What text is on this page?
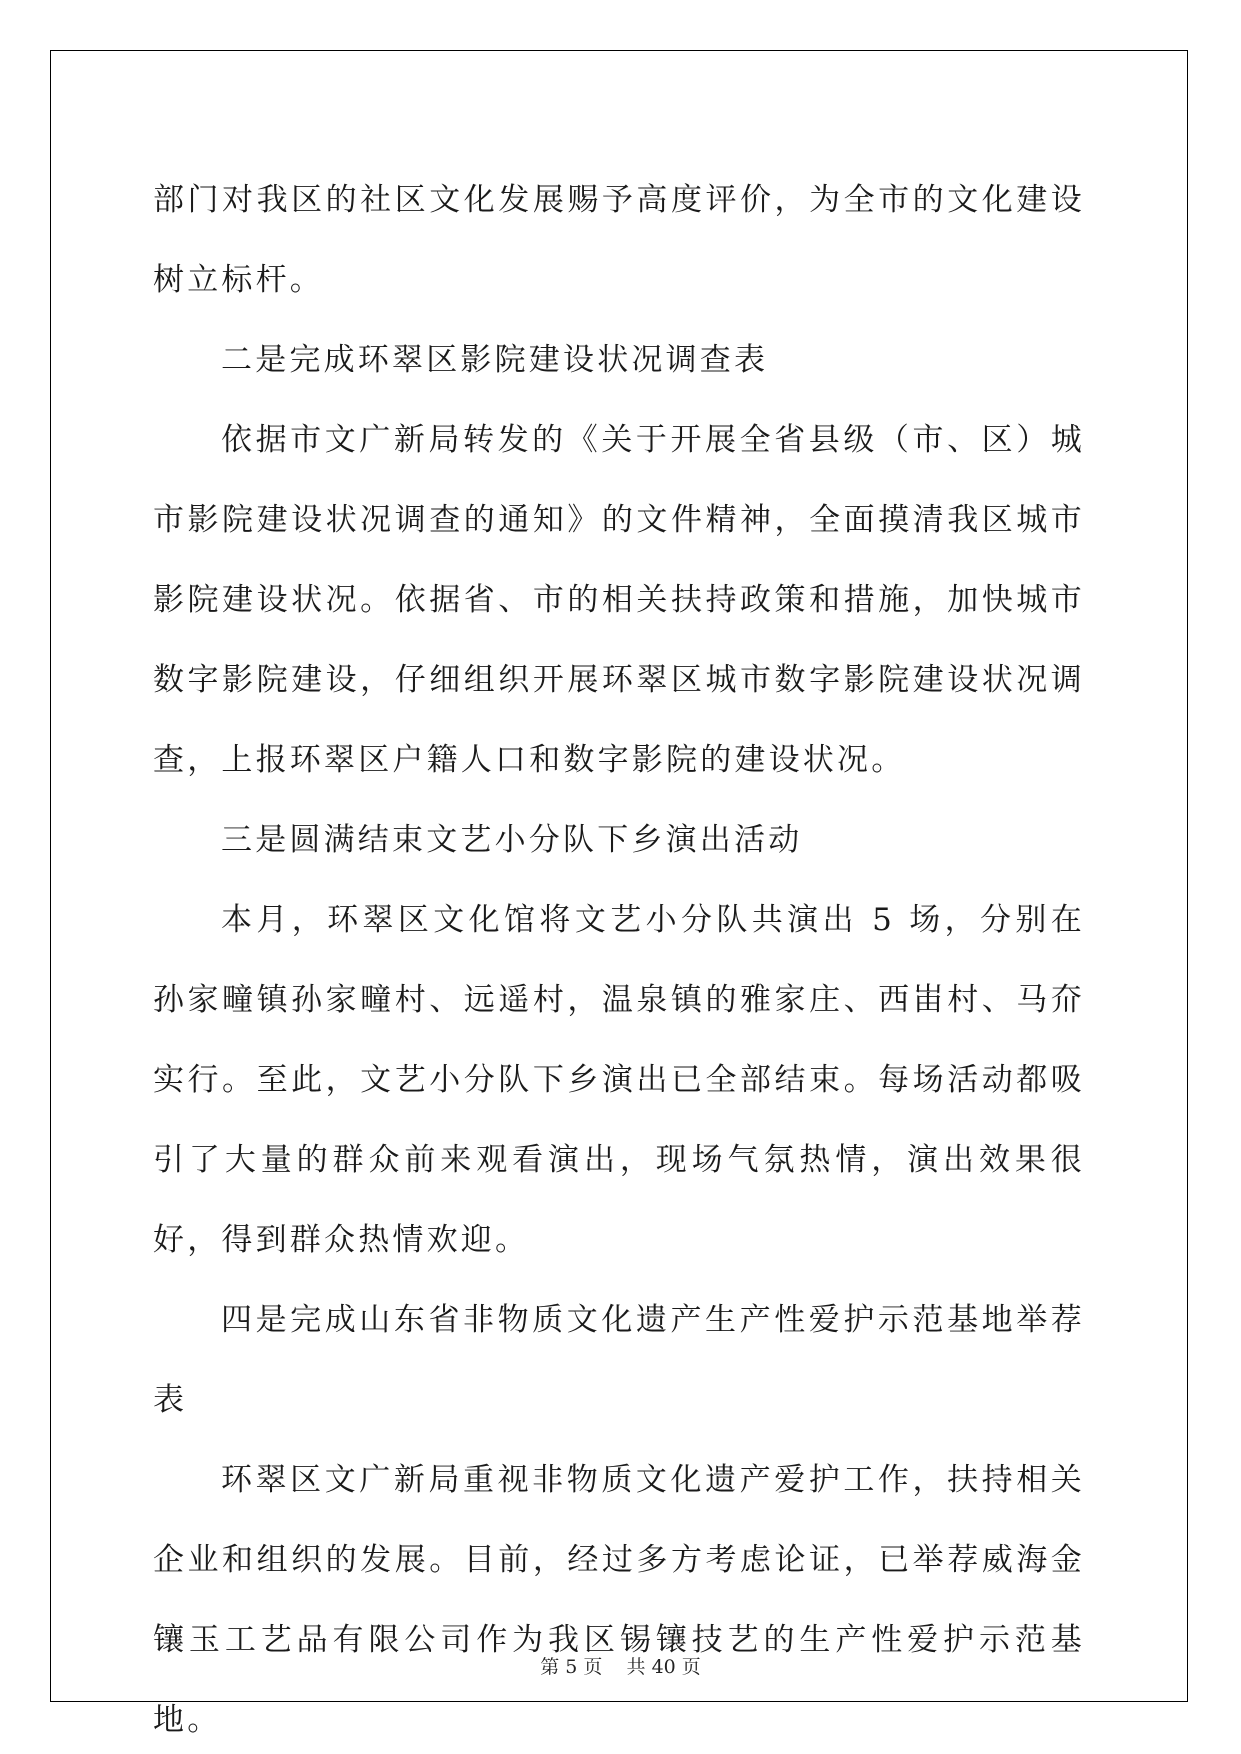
部门对我区的社区文化发展赐予高度评价，为全市的文化建设树立标杆。

二是完成环翠区影院建设状况调查表

依据市文广新局转发的《关于开展全省县级（市、区）城市影院建设状况调查的通知》的文件精神，全面摸清我区城市影院建设状况。依据省、市的相关扶持政策和措施，加快城市数字影院建设，仔细组织开展环翠区城市数字影院建设状况调查，上报环翠区户籍人口和数字影院的建设状况。

三是圆满结束文艺小分队下乡演出活动

本月，环翠区文化馆将文艺小分队共演出 5 场，分别在孙家疃镇孙家疃村、远遥村，温泉镇的雅家庄、西峀村、马夼实行。至此，文艺小分队下乡演出已全部结束。每场活动都吸引了大量的群众前来观看演出，现场气氛热情，演出效果很好，得到群众热情欢迎。

四是完成山东省非物质文化遗产生产性爱护示范基地举荐表

环翠区文广新局重视非物质文化遗产爱护工作，扶持相关企业和组织的发展。目前，经过多方考虑论证，已举荐威海金镶玉工艺品有限公司作为我区锡镶技艺的生产性爱护示范基地。

第 5 页    共 40 页
